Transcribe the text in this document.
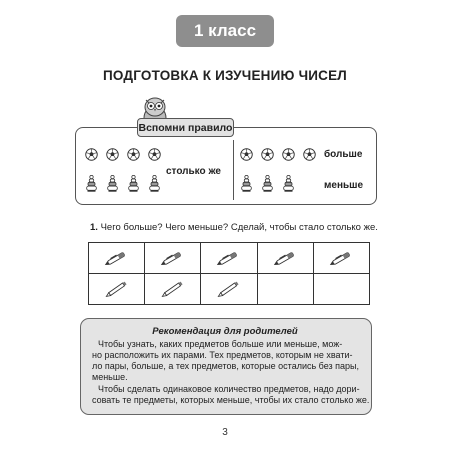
1 класс
ПОДГОТОВКА К ИЗУЧЕНИЮ ЧИСЕЛ
Вспомни правило
столько же
больше
меньше
1. Чего больше? Чего меньше? Сделай, чтобы стало столько же.

Рекомендация для родителей
Чтобы узнать, каких предметов больше или меньше, мож-
но расположить их парами. Тех предметов, которым не хвати-
ло пары, больше, а тех предметов, которые остались без пары,
меньше.
Чтобы сделать одинаковое количество предметов, надо дори-
совать те предметы, которых меньше, чтобы их стало столько же.
3
